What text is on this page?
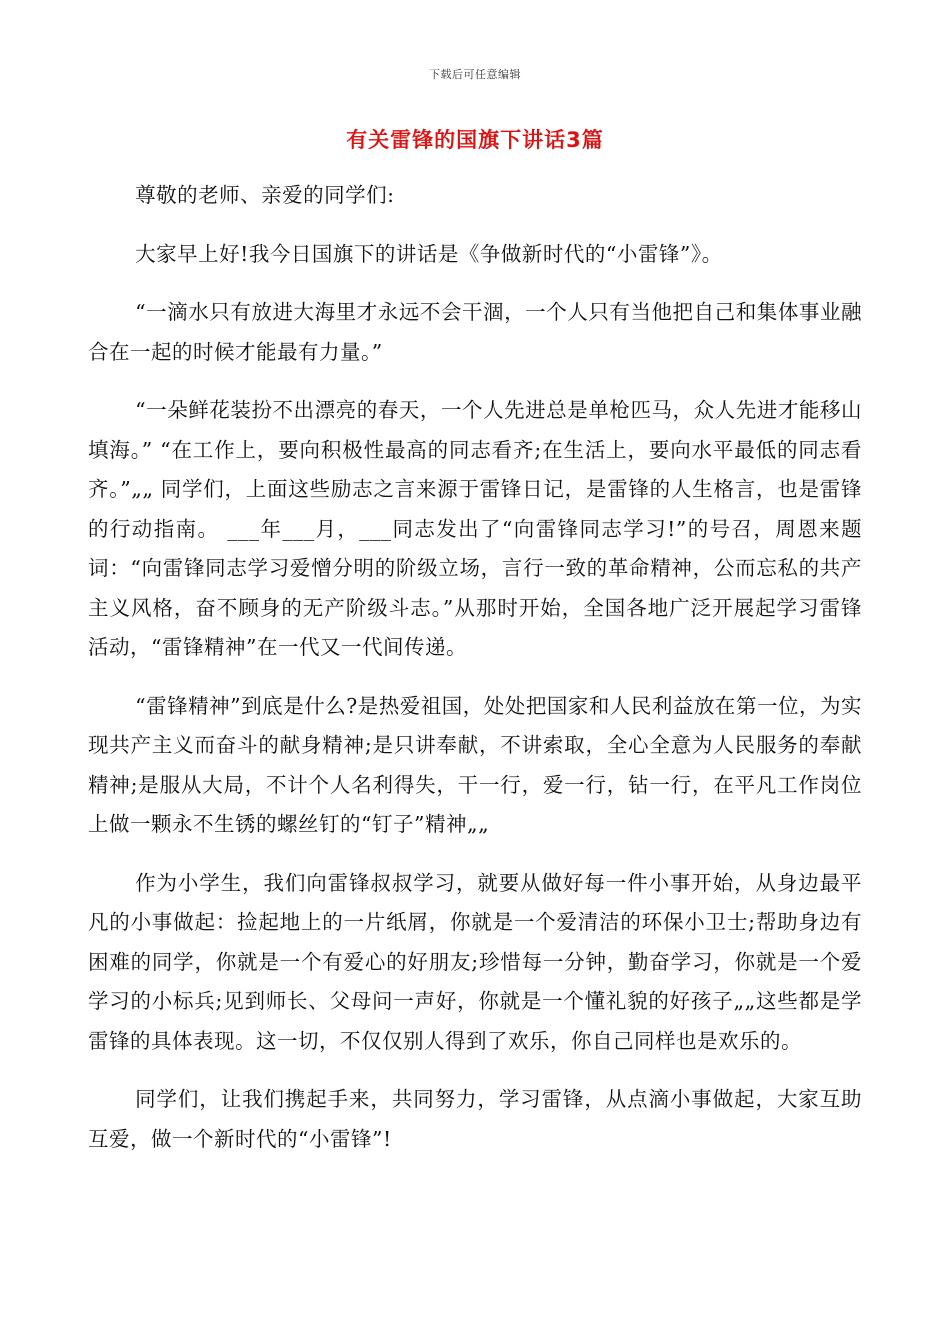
下载后可任意编辑
有关雷锋的国旗下讲话3篇

尊敬的老师、亲爱的同学们:

大家早上好!我今日国旗下的讲话是《争做新时代的“小雷锋”》。

“一滴水只有放进大海里才永远不会干涸，一个人只有当他把自己和集体事业融合在一起的时候才能最有力量。”

“一朵鲜花装扮不出漂亮的春天，一个人先进总是单枪匹马，众人先进才能移山填海。” “在工作上，要向积极性最高的同志看齐;在生活上，要向水平最低的同志看齐。”„„ 同学们，上面这些励志之言来源于雷锋日记，是雷锋的人生格言，也是雷锋的行动指南。 ___年___月，___同志发出了“向雷锋同志学习!”的号召，周恩来题词：“向雷锋同志学习爱憎分明的阶级立场，言行一致的革命精神，公而忘私的共产主义风格，奋不顾身的无产阶级斗志。”从那时开始，全国各地广泛开展起学习雷锋活动，“雷锋精神”在一代又一代间传递。

“雷锋精神”到底是什么?是热爱祖国，处处把国家和人民利益放在第一位，为实现共产主义而奋斗的献身精神;是只讲奉献，不讲索取，全心全意为人民服务的奉献精神;是服从大局，不计个人名利得失，干一行，爱一行，钻一行，在平凡工作岗位上做一颗永不生锈的螺丝钉的“钉子”精神„„

作为小学生，我们向雷锋叔叔学习，就要从做好每一件小事开始，从身边最平凡的小事做起：捡起地上的一片纸屑，你就是一个爱清洁的环保小卫士;帮助身边有困难的同学，你就是一个有爱心的好朋友;珍惜每一分钟，勤奋学习，你就是一个爱学习的小标兵;见到师长、父母问一声好，你就是一个懂礼貌的好孩子„„这些都是学雷锋的具体表现。这一切，不仅仅别人得到了欢乐，你自己同样也是欢乐的。

同学们，让我们携起手来，共同努力，学习雷锋，从点滴小事做起，大家互助互爱，做一个新时代的“小雷锋”!
